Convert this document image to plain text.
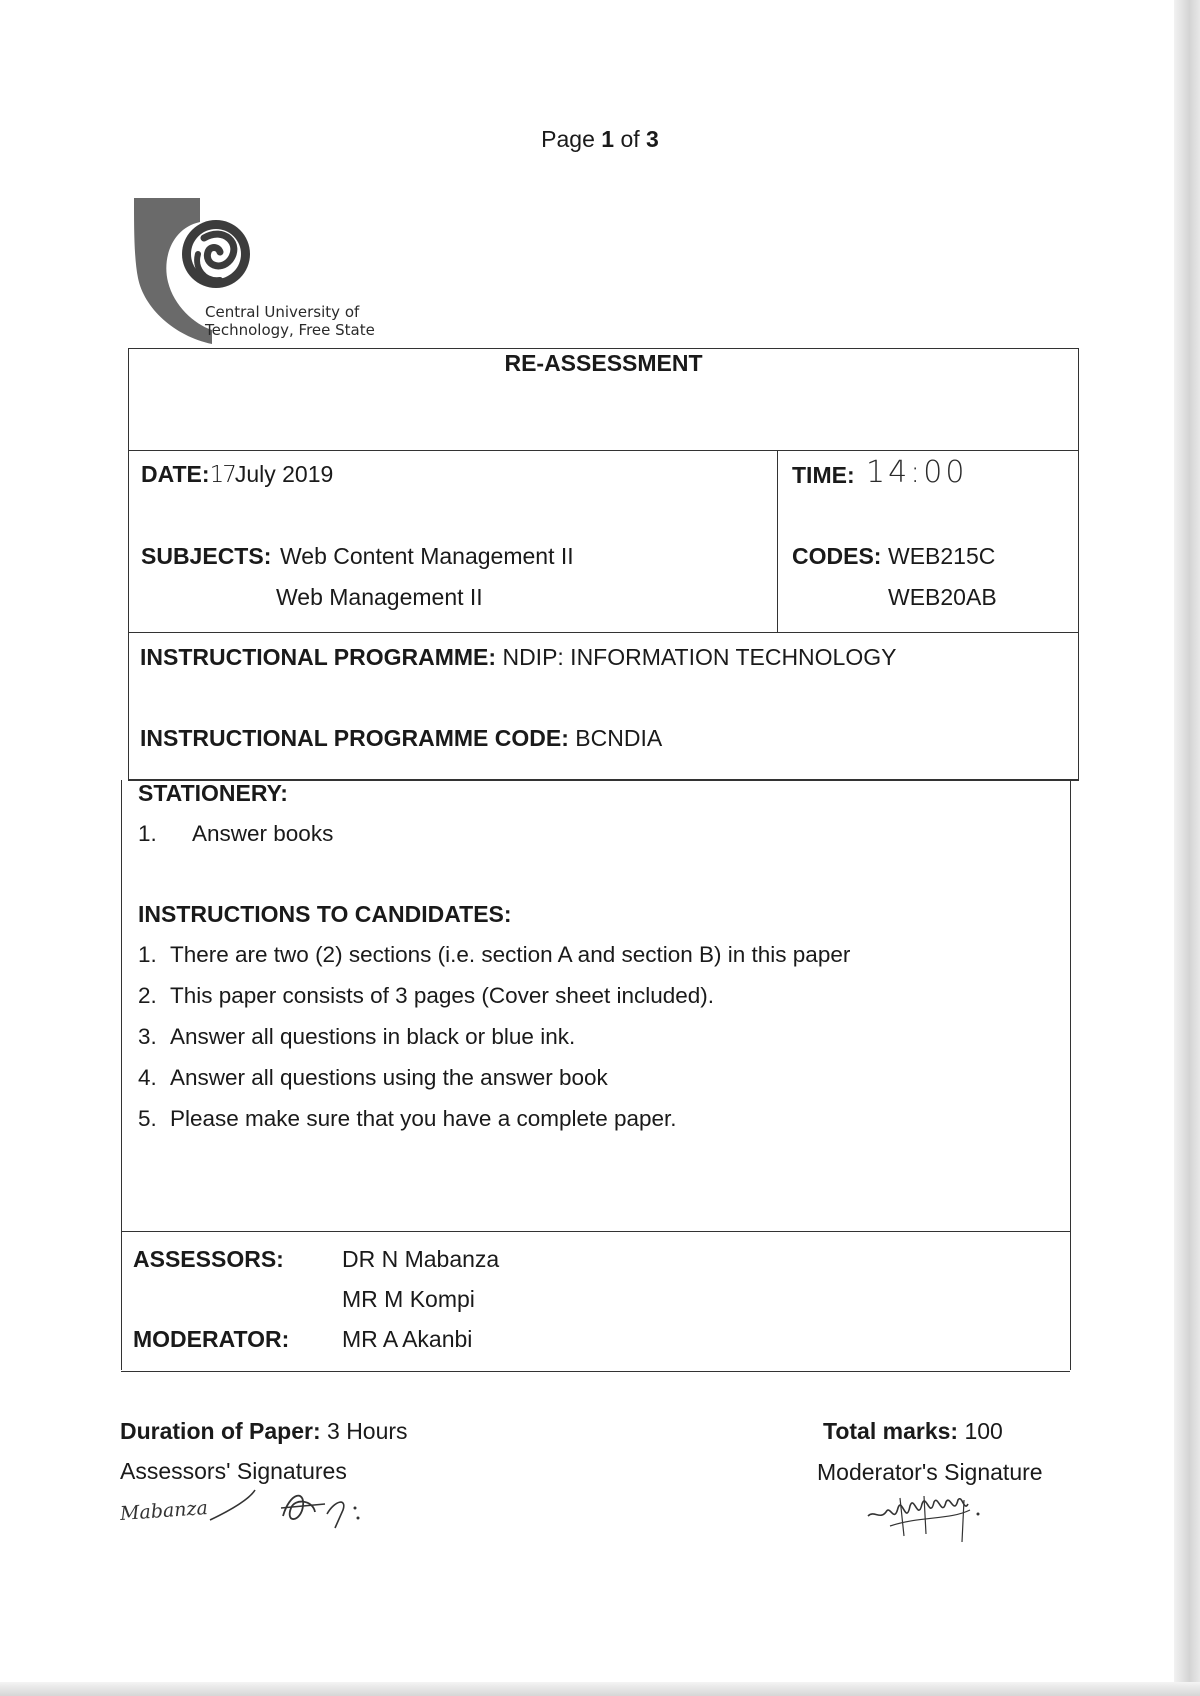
Page 1 of 3
Central University of
Technology, Free State
RE-ASSESSMENT
DATE:17July 2019	TIME: 14:00
SUBJECTS: Web Content Management II
Web Management II
CODES: WEB215C
WEB20AB
INSTRUCTIONAL PROGRAMME: NDIP: INFORMATION TECHNOLOGY
INSTRUCTIONAL PROGRAMME CODE: BCNDIA
STATIONERY:
1. Answer books
INSTRUCTIONS TO CANDIDATES:
1. There are two (2) sections (i.e. section A and section B) in this paper
2. This paper consists of 3 pages (Cover sheet included).
3. Answer all questions in black or blue ink.
4. Answer all questions using the answer book
5. Please make sure that you have a complete paper.
ASSESSORS:	DR N Mabanza
MR M Kompi
MODERATOR: MR A Akanbi
Duration of Paper: 3 Hours	Total marks: 100
Assessors' Signatures	Moderator's Signature
Mabanza
